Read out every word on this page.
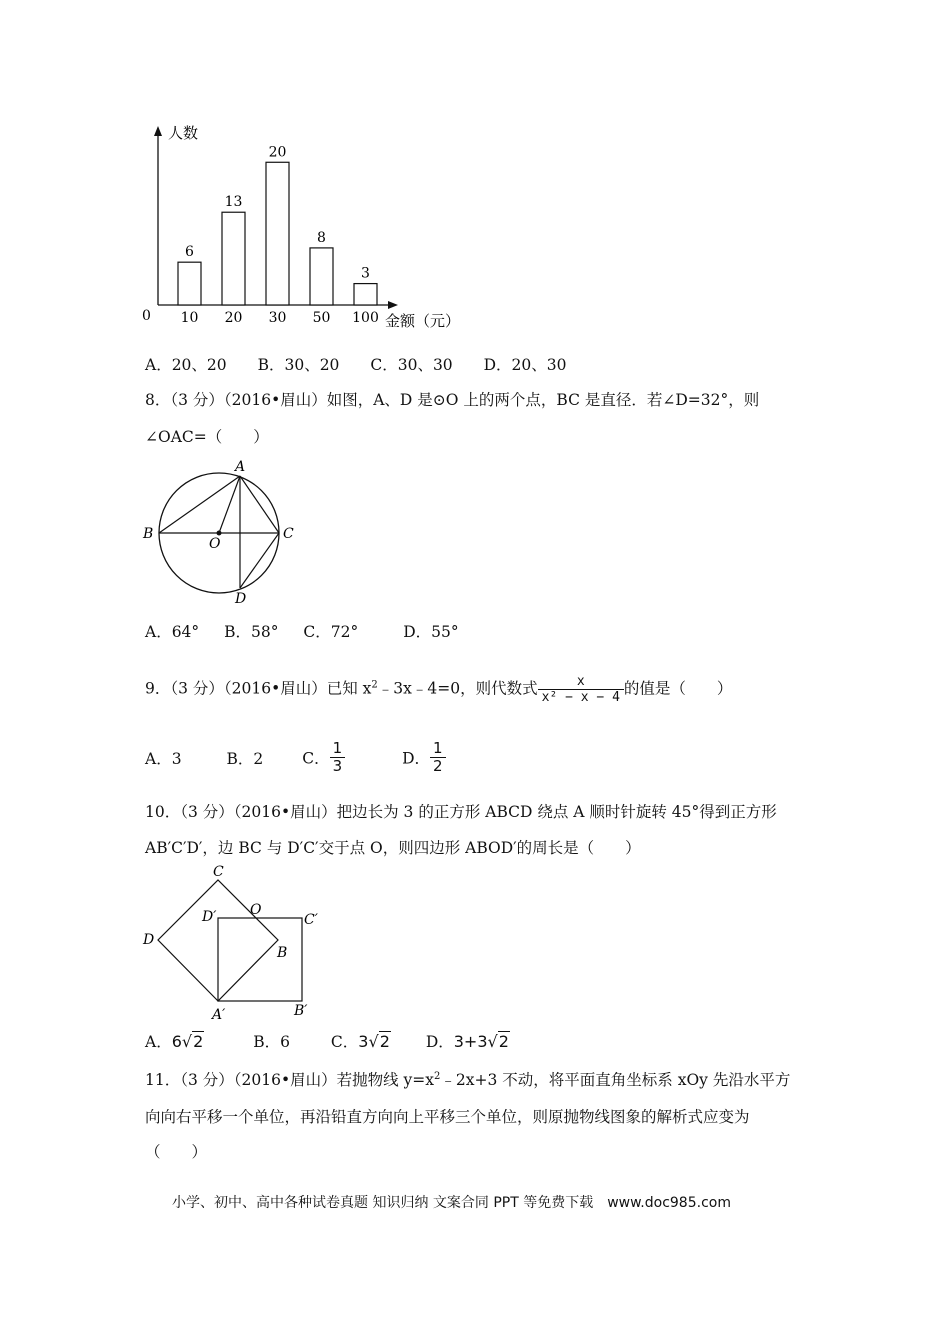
人数
金额（元）
0
6
10
13
20
20
30
8
50
3
100
A．20、20 B．30、20 C．30、30 D．20、30
8．（3 分）（2016•眉山）如图，A、D 是⊙O 上的两个点，BC 是直径．若∠D=32°，则
∠OAC=（　　）
A
B	C
O
D
A．64° B．58° C．72°	D．55°
9．（3 分）（2016•眉山）已知 $x^2﹣3x﹣4=0$，则代数式 $\frac{x}{\text{x² − x − 4}}$ 的值是（　　）
A．3	B．2	C． $\frac{1}{3}$	D． $\frac{1}{2}$
10．（3 分）（2016•眉山）把边长为 3 的正方形 ABCD 绕点 A 顺时针旋转 45°得到正方形
AB′C′D′，边 BC 与 D′C′交于点 O，则四边形 ABOD′的周长是（　　）
C
D′ O
C′
D
B
A′	B′
A．6√2	B．6	C．3√2 D．3+3√2
11．（3 分）（2016•眉山）若抛物线 $y=x^2﹣2x+3$ 不动，将平面直角坐标系 xOy 先沿水平方
向向右平移一个单位，再沿铅直方向向上平移三个单位，则原抛物线图象的解析式应变为
（　　）
小学、初中、高中各种试卷真题 知识归纳 文案合同 PPT 等免费下载　www.doc985.com
